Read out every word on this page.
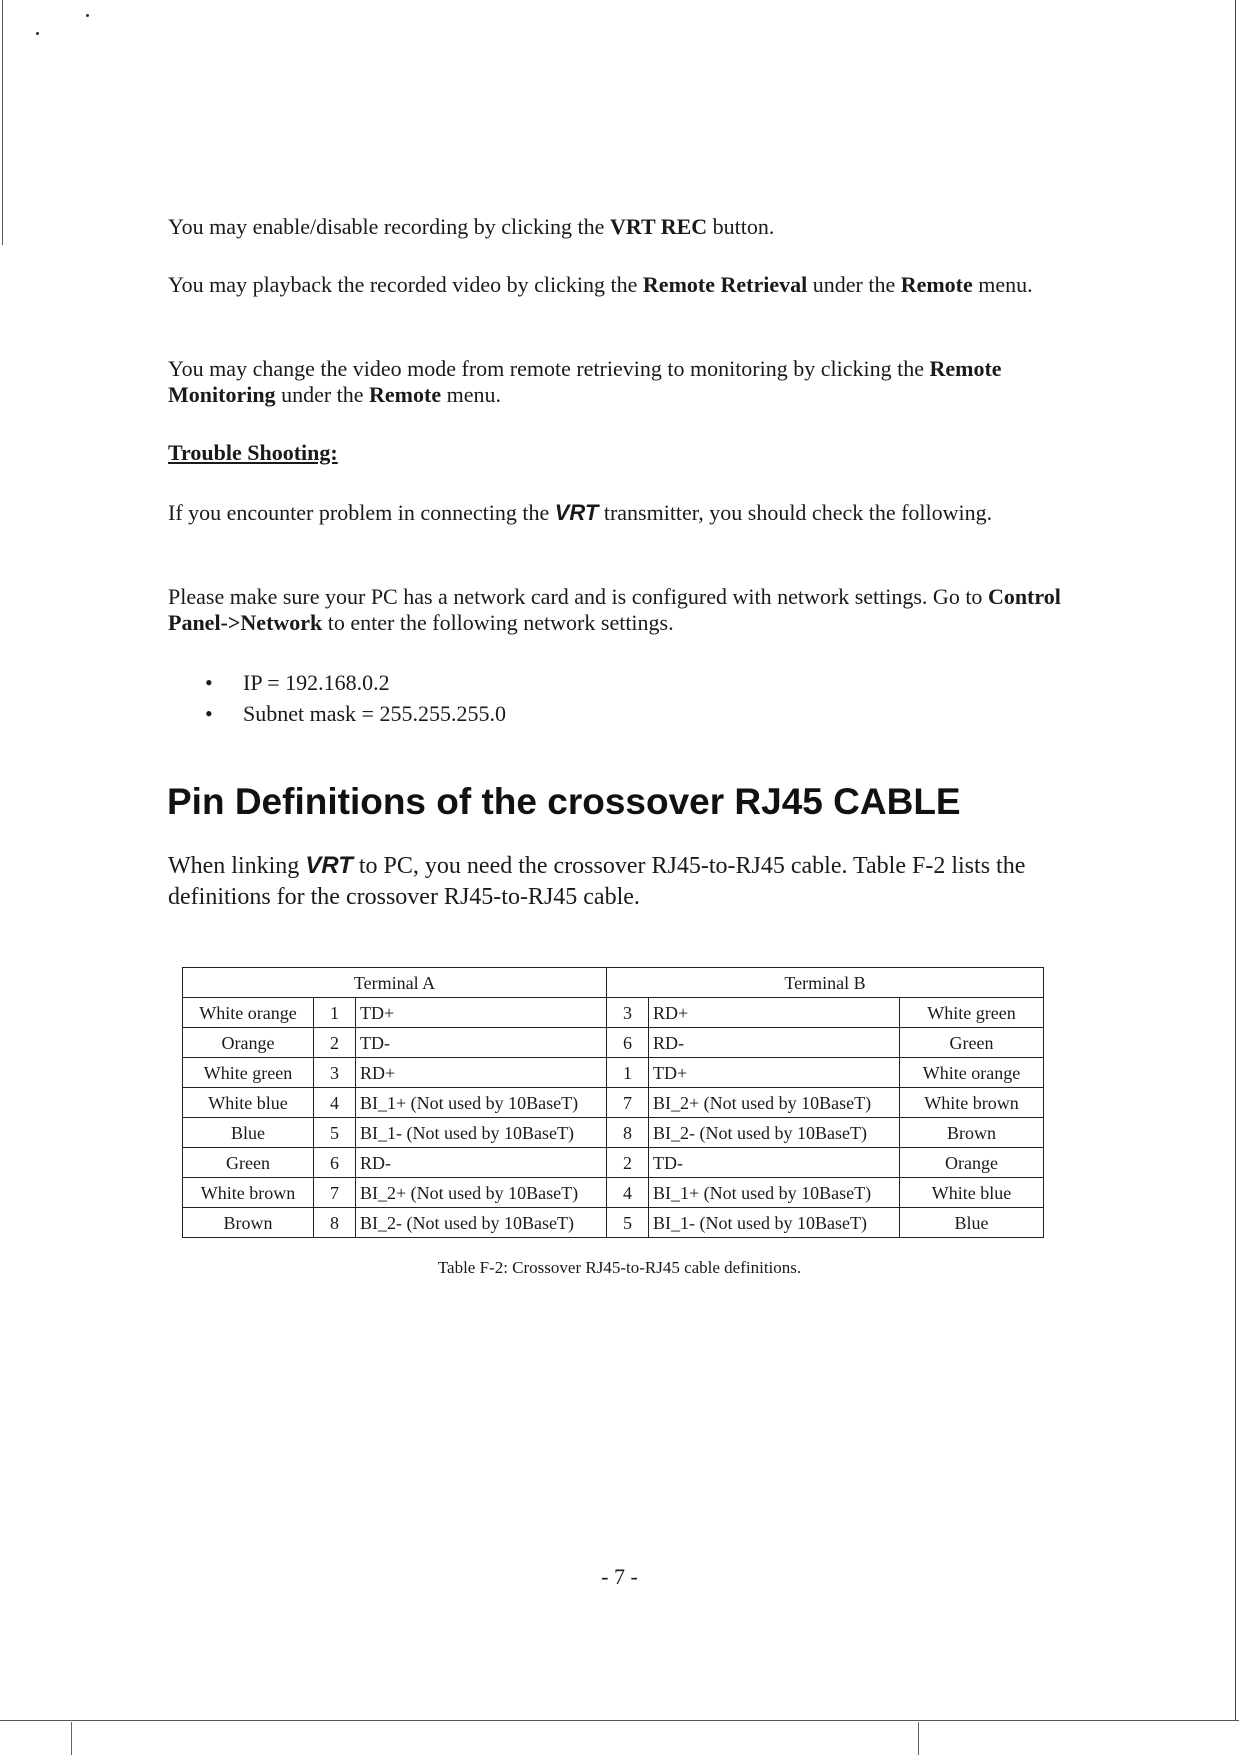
You may enable/disable recording by clicking the VRT REC button.

You may playback the recorded video by clicking the Remote Retrieval under the Remote menu.

You may change the video mode from remote retrieving to monitoring by clicking the Remote Monitoring under the Remote menu.

Trouble Shooting:

If you encounter problem in connecting the VRT transmitter, you should check the following.

Please make sure your PC has a network card and is configured with network settings. Go to Control Panel->Network to enter the following network settings.

• IP = 192.168.0.2
• Subnet mask = 255.255.255.0
Pin Definitions of the crossover RJ45 CABLE

When linking VRT to PC, you need the crossover RJ45-to-RJ45 cable. Table F-2 lists the definitions for the crossover RJ45-to-RJ45 cable.

Terminal A			Terminal B		
White orange	1	TD+	3	RD+	White green
Orange	2	TD-	6	RD-	Green
White green	3	RD+	1	TD+	White orange
White blue	4	BI_1+ (Not used by 10BaseT)	7	BI_2+ (Not used by 10BaseT)	White brown
Blue	5	BI_1- (Not used by 10BaseT)	8	BI_2- (Not used by 10BaseT)	Brown
Green	6	RD-	2	TD-	Orange
White brown	7	BI_2+ (Not used by 10BaseT)	4	BI_1+ (Not used by 10BaseT)	White blue
Brown	8	BI_2- (Not used by 10BaseT)	5	BI_1- (Not used by 10BaseT)	Blue

Table F-2: Crossover RJ45-to-RJ45 cable definitions.

- 7 -
